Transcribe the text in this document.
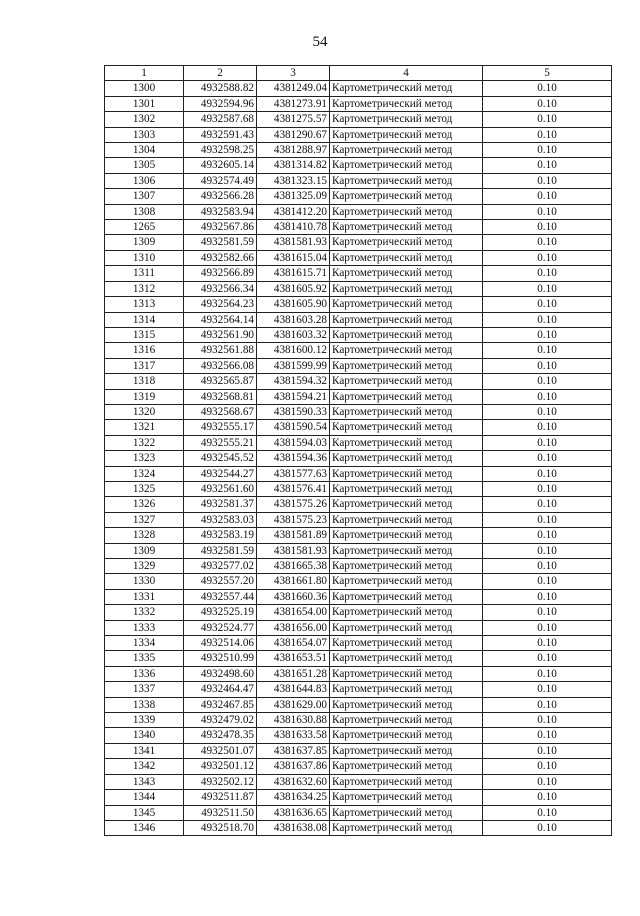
54
1	2	3	4	5
1300	4932588.82	4381249.04	Картометрический метод	0.10
1301	4932594.96	4381273.91	Картометрический метод	0.10
1302	4932587.68	4381275.57	Картометрический метод	0.10
1303	4932591.43	4381290.67	Картометрический метод	0.10
1304	4932598.25	4381288.97	Картометрический метод	0.10
1305	4932605.14	4381314.82	Картометрический метод	0.10
1306	4932574.49	4381323.15	Картометрический метод	0.10
1307	4932566.28	4381325.09	Картометрический метод	0.10
1308	4932583.94	4381412.20	Картометрический метод	0.10
1265	4932567.86	4381410.78	Картометрический метод	0.10
1309	4932581.59	4381581.93	Картометрический метод	0.10
1310	4932582.66	4381615.04	Картометрический метод	0.10
1311	4932566.89	4381615.71	Картометрический метод	0.10
1312	4932566.34	4381605.92	Картометрический метод	0.10
1313	4932564.23	4381605.90	Картометрический метод	0.10
1314	4932564.14	4381603.28	Картометрический метод	0.10
1315	4932561.90	4381603.32	Картометрический метод	0.10
1316	4932561.88	4381600.12	Картометрический метод	0.10
1317	4932566.08	4381599.99	Картометрический метод	0.10
1318	4932565.87	4381594.32	Картометрический метод	0.10
1319	4932568.81	4381594.21	Картометрический метод	0.10
1320	4932568.67	4381590.33	Картометрический метод	0.10
1321	4932555.17	4381590.54	Картометрический метод	0.10
1322	4932555.21	4381594.03	Картометрический метод	0.10
1323	4932545.52	4381594.36	Картометрический метод	0.10
1324	4932544.27	4381577.63	Картометрический метод	0.10
1325	4932561.60	4381576.41	Картометрический метод	0.10
1326	4932581.37	4381575.26	Картометрический метод	0.10
1327	4932583.03	4381575.23	Картометрический метод	0.10
1328	4932583.19	4381581.89	Картометрический метод	0.10
1309	4932581.59	4381581.93	Картометрический метод	0.10
1329	4932577.02	4381665.38	Картометрический метод	0.10
1330	4932557.20	4381661.80	Картометрический метод	0.10
1331	4932557.44	4381660.36	Картометрический метод	0.10
1332	4932525.19	4381654.00	Картометрический метод	0.10
1333	4932524.77	4381656.00	Картометрический метод	0.10
1334	4932514.06	4381654.07	Картометрический метод	0.10
1335	4932510.99	4381653.51	Картометрический метод	0.10
1336	4932498.60	4381651.28	Картометрический метод	0.10
1337	4932464.47	4381644.83	Картометрический метод	0.10
1338	4932467.85	4381629.00	Картометрический метод	0.10
1339	4932479.02	4381630.88	Картометрический метод	0.10
1340	4932478.35	4381633.58	Картометрический метод	0.10
1341	4932501.07	4381637.85	Картометрический метод	0.10
1342	4932501.12	4381637.86	Картометрический метод	0.10
1343	4932502.12	4381632.60	Картометрический метод	0.10
1344	4932511.87	4381634.25	Картометрический метод	0.10
1345	4932511.50	4381636.65	Картометрический метод	0.10
1346	4932518.70	4381638.08	Картометрический метод	0.10
